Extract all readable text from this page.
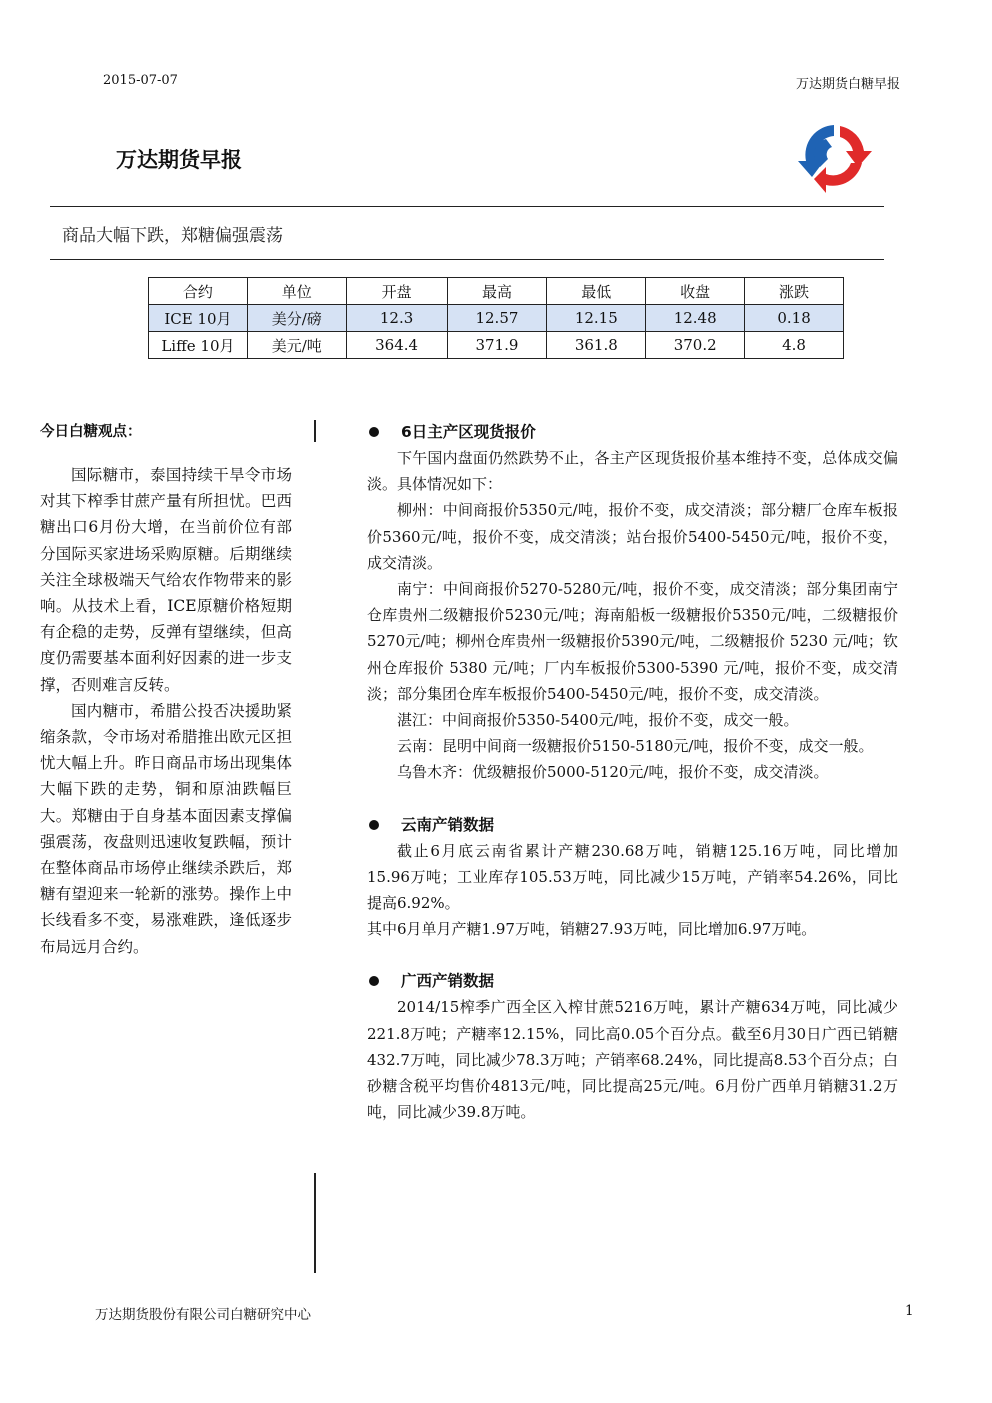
2015-07-07	万达期货白糖早报
万达期货早报
商品大幅下跌，郑糖偏强震荡
合约	单位	开盘	最高	最低	收盘	涨跌
ICE 10月	美分/磅	12.3	12.57	12.15	12.48	0.18
Liffe 10月	美元/吨	364.4	371.9	361.8	370.2	4.8
今日白糖观点：

国际糖市，泰国持续干旱令市场对其下榨季甘蔗产量有所担忧。巴西糖出口6月份大增，在当前价位有部分国际买家进场采购原糖。后期继续关注全球极端天气给农作物带来的影响。从技术上看，ICE原糖价格短期有企稳的走势，反弹有望继续，但高度仍需要基本面利好因素的进一步支撑，否则难言反转。

国内糖市，希腊公投否决援助紧缩条款，令市场对希腊推出欧元区担忧大幅上升。昨日商品市场出现集体大幅下跌的走势，铜和原油跌幅巨大。郑糖由于自身基本面因素支撑偏强震荡，夜盘则迅速收复跌幅，预计在整体商品市场停止继续杀跌后，郑糖有望迎来一轮新的涨势。操作上中长线看多不变，易涨难跌，逢低逐步布局远月合约。

6日主产区现货报价

下午国内盘面仍然跌势不止，各主产区现货报价基本维持不变，总体成交偏淡。具体情况如下：

柳州：中间商报价5350元/吨，报价不变，成交清淡；部分糖厂仓库车板报价5360元/吨，报价不变，成交清淡；站台报价5400-5450元/吨，报价不变，成交清淡。

南宁：中间商报价5270-5280元/吨，报价不变，成交清淡；部分集团南宁仓库贵州二级糖报价5230元/吨；海南船板一级糖报价5350元/吨，二级糖报价5270元/吨；柳州仓库贵州一级糖报价5390元/吨，二级糖报价 5230 元/吨；钦州仓库报价 5380 元/吨；厂内车板报价5300-5390 元/吨，报价不变，成交清淡；部分集团仓库车板报价5400-5450元/吨，报价不变，成交清淡。

湛江：中间商报价5350-5400元/吨，报价不变，成交一般。

云南：昆明中间商一级糖报价5150-5180元/吨，报价不变，成交一般。

乌鲁木齐：优级糖报价5000-5120元/吨，报价不变，成交清淡。

云南产销数据

截止6月底云南省累计产糖230.68万吨，销糖125.16万吨，同比增加15.96万吨；工业库存105.53万吨，同比减少15万吨，产销率54.26%，同比提高6.92%。

其中6月单月产糖1.97万吨，销糖27.93万吨，同比增加6.97万吨。

广西产销数据

2014/15榨季广西全区入榨甘蔗5216万吨，累计产糖634万吨，同比减少221.8万吨；产糖率12.15%，同比高0.05个百分点。截至6月30日广西已销糖432.7万吨，同比减少78.3万吨；产销率68.24%，同比提高8.53个百分点；白砂糖含税平均售价4813元/吨，同比提高25元/吨。6月份广西单月销糖31.2万吨，同比减少39.8万吨。

万达期货股份有限公司白糖研究中心	1
